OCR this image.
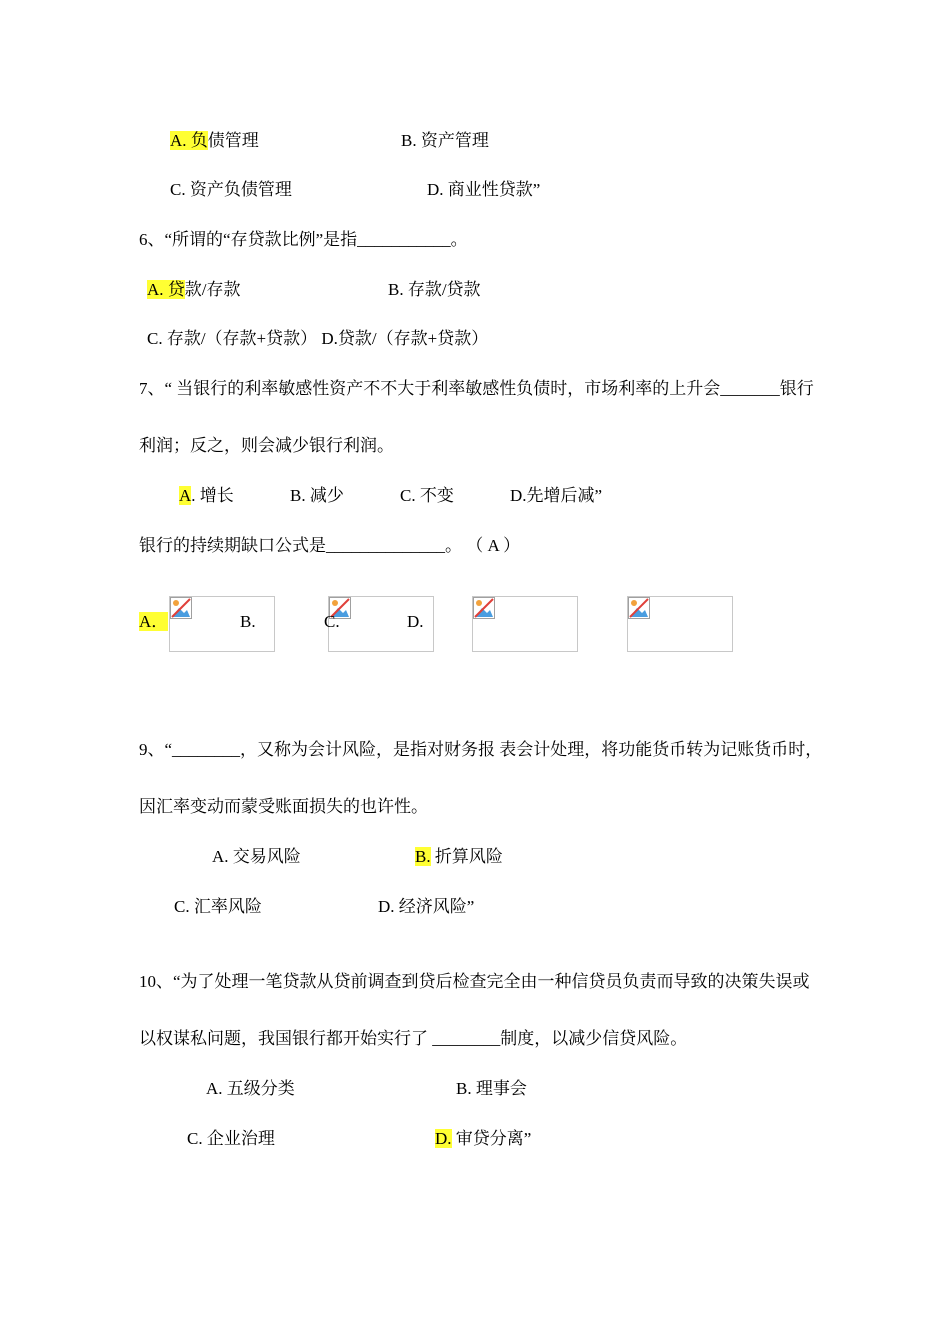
A. 负债管理	B. 资产管理
C. 资产负债管理	D. 商业性贷款”
6、“所谓的“存贷款比例”是指___________。
A. 贷款/存款	B. 存款/贷款
C. 存款/（存款+贷款） D.贷款/（存款+贷款）
7、“ 当银行的利率敏感性资产不不大于利率敏感性负债时，市场利率的上升会_______银行
利润；反之，则会减少银行利润。
A. 增长	B. 减少	C. 不变	D.先增后减”
银行的持续期缺口公式是______________。 （ A ）
A．	B.	C.	D.
9、“________，又称为会计风险，是指对财务报 表会计处理，将功能货币转为记账货币时，
因汇率变动而蒙受账面损失的也许性。
A. 交易风险	B. 折算风险
C. 汇率风险	D. 经济风险”
10、“为了处理一笔贷款从贷前调查到贷后检查完全由一种信贷员负责而导致的决策失误或
以权谋私问题，我国银行都开始实行了 ________制度，以减少信贷风险。
A. 五级分类	B. 理事会
C. 企业治理	D. 审贷分离”
